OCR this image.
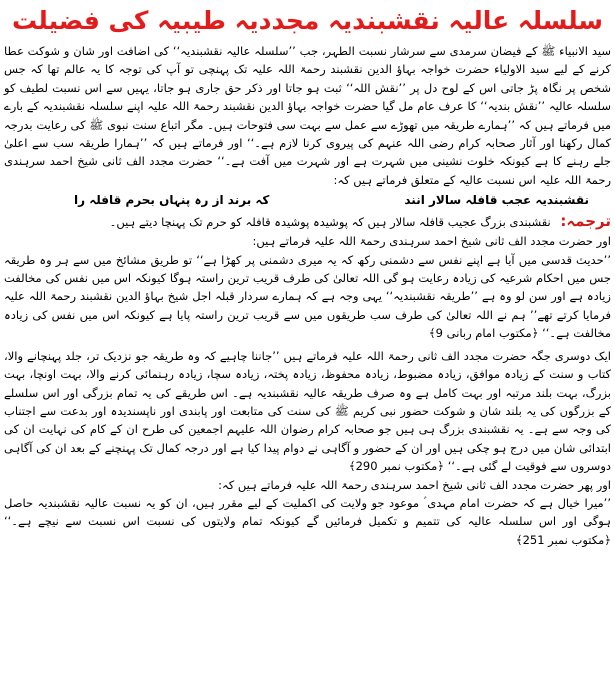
سلسلہ عالیہ نقشبندیہ مجددیہ طیبیہ کی فضیلت

سید الانبیاء ﷺ کے فیضان سرمدی سے سرشار نسبت الطہر، جب ’’سلسلہ عالیہ نقشبندیہ‘‘ کی اضافت اور شان و شوکت عطا کرنے کے لیے سید الاولیاء حضرت خواجہ بہاؤ الدین نقشبند رحمۃ اللہ علیہ تک پہنچی تو آپ کی توجہ کا یہ عالم تھا کہ جس شخص پر نگاہ پڑ جاتی اس کے لوح دل پر ’’نقش اللہ‘‘ ثبت ہو جاتا اور ذکر حق جاری ہو جاتا، یہیں سے اس نسبت لطیف کو سلسلہ عالیہ ’’نقش بندیہ‘‘ کا عرف عام مل گیا حضرت خواجہ بہاؤ الدین نقشبند رحمۃ اللہ علیہ اپنے سلسلہ نقشبندیہ کے بارے میں فرماتے ہیں کہ ’’ہمارے طریقہ میں تھوڑے سے عمل سے بہت سی فتوحات ہیں۔ مگر اتباع سنت نبوی ﷺ کی رعایت بدرجہ کمال رکھنا اور آثار صحابہ کرام رضی اللہ عنہم کی پیروی کرنا لازم ہے۔‘‘ اور فرماتے ہیں کہ ’’ہمارا طریقہ سب سے اعلیٰ جلے رہنے کا ہے کیونکہ خلوت نشینی میں شہرت ہے اور شہرت میں آفت ہے۔‘‘ حضرت مجدد الف ثانی شیخ احمد سرہندی رحمۃ اللہ علیہ اس نسبت عالیہ کے متعلق فرماتے ہیں کہ:

نقشبندیہ عجب قافلہ سالار انند
کہ برند از رہ پنہاں بحرم قافلہ را
ترجمہ: نقشبندی بزرگ عجیب قافلہ سالار ہیں کہ پوشیدہ پوشیدہ قافلہ کو حرم تک پہنچا دیتے ہیں۔

اور حضرت مجدد الف ثانی شیخ احمد سرہندی رحمۃ اللہ علیہ فرماتے ہیں:

’’حدیث قدسی میں آیا ہے اپنے نفس سے دشمنی رکھ کہ یہ میری دشمنی پر کھڑا ہے‘‘ تو طریق مشائخ میں سے ہر وہ طریقہ جس میں احکام شرعیہ کی زیادہ رعایت ہو گی اللہ تعالیٰ کی طرف قریب ترین راستہ ہوگا کیونکہ اس میں نفس کی مخالفت زیادہ ہے اور سن لو وہ ہے ’’طریقہ نقشبندیہ‘‘ یہی وجہ ہے کہ ہمارے سردار قبلہ اجل شیخ بہاؤ الدین نقشبند رحمۃ اللہ علیہ فرمایا کرتے تھے’’ ہم نے اللہ تعالیٰ کی طرف سب طریقوں میں سے قریب ترین راستہ پایا ہے کیونکہ اس میں نفس کی زیادہ مخالفت ہے۔‘‘ ﴿مکتوب امام ربانی 9﴾

ایک دوسری جگہ حضرت مجدد الف ثانی رحمۃ اللہ علیہ فرماتے ہیں ’’جاننا چاہیے کہ وہ طریقہ جو نزدیک تر، جلد پہنچانے والا، کتاب و سنت کے زیادہ موافق، زیادہ مضبوط، زیادہ محفوظ، زیادہ پختہ، زیادہ سچا، زیادہ رہنمائی کرنے والا، بہت اونچا، بہت بزرگ، بہت بلند مرتبہ اور بہت کامل ہے وہ صرف طریقہ عالیہ نقشبندیہ ہے۔ اس طریقے کی یہ تمام بزرگی اور اس سلسلے کے بزرگوں کی یہ بلند شان و شوکت حضور نبی کریم ﷺ کی سنت کی متابعت اور پابندی اور ناپسندیدہ اور بدعت سے اجتناب کی وجہ سے ہے۔ یہ نقشبندی بزرگ ہی ہیں جو صحابہ کرام رضوان اللہ علیہم اجمعین کی طرح ان کے کام کی نہایت ان کی ابتدائی شان میں درج ہو چکی ہیں اور ان کے حضور و آگاہی نے دوام پیدا کیا ہے اور درجہ کمال تک پہنچنے کے بعد ان کی آگاہی دوسروں سے فوقیت لے گئی ہے۔‘‘ ﴿مکتوب نمبر 290﴾

اور پھر حضرت مجدد الف ثانی شیخ احمد سرہندی رحمۃ اللہ علیہ فرماتے ہیں کہ:

’’میرا خیال ہے کہ حضرت امام مہدی ؑ موعود جو ولایت کی اکملیت کے لیے مقرر ہیں، ان کو یہ نسبت عالیہ نقشبندیہ حاصل ہوگی اور اس سلسلہ عالیہ کی تتمیم و تکمیل فرمائیں گے کیونکہ تمام ولایتوں کی نسبت اس نسبت سے نیچے ہے۔‘‘ ﴿مکتوب نمبر 251﴾
